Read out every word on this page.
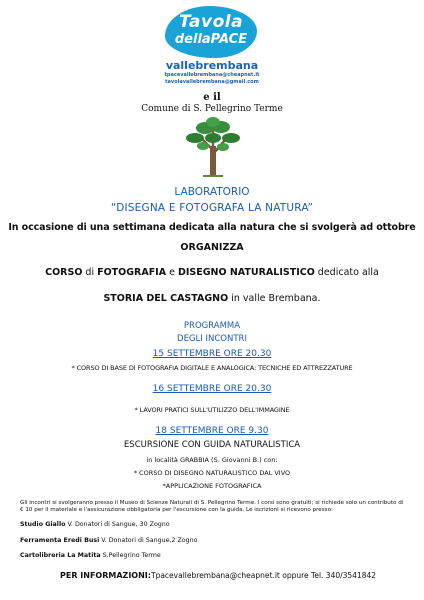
Tavola
dellaPACE
vallebrembana
tpacevallebrembana@cheapnet.it
tavolavallebrembana@gmail.com
e il
Comune di S. Pellegrino Terme
LABORATORIO
“DISEGNA E FOTOGRAFA LA NATURA”
In occasione di una settimana dedicata alla natura che si svolgerà ad ottobre
ORGANIZZA
CORSO di FOTOGRAFIA e DISEGNO NATURALISTICO dedicato alla
STORIA DEL CASTAGNO in valle Brembana.
PROGRAMMA
DEGLI INCONTRI
15 SETTEMBRE ORE 20.30
* CORSO DI BASE DI FOTOGRAFIA DIGITALE E ANALOGICA: TECNICHE ED ATTREZZATURE
16 SETTEMBRE ORE 20.30
* LAVORI PRATICI SULL'UTILIZZO DELL'IMMAGINE
18 SETTEMBRE ORE 9.30
ESCURSIONE CON GUIDA NATURALISTICA
in località GRABBIA (S. Giovanni B.) con:
* CORSO DI DISEGNO NATURALISTICO DAL VIVO
*APPLICAZIONE FOTOGRAFICA
Gli incontri si svolgeranno presso il Museo di Scienze Naturali di S. Pellegrino Terme. I corsi sono gratuiti; si richiede solo un contributo di € 10 per il materiale e l'assicurazione obbligatoria per l'escursione con la guida. Le iscrizioni si ricevono presso:
Studio Giallo V. Donatori di Sangue, 30 Zogno
Ferramenta Eredi Busi V. Donatori di Sangue,2 Zogno
Cartolibreria La Matita S.Pellegrino Terme
PER INFORMAZIONI:Tpacevallebrembana@cheapnet.it oppure Tel. 340/3541842
